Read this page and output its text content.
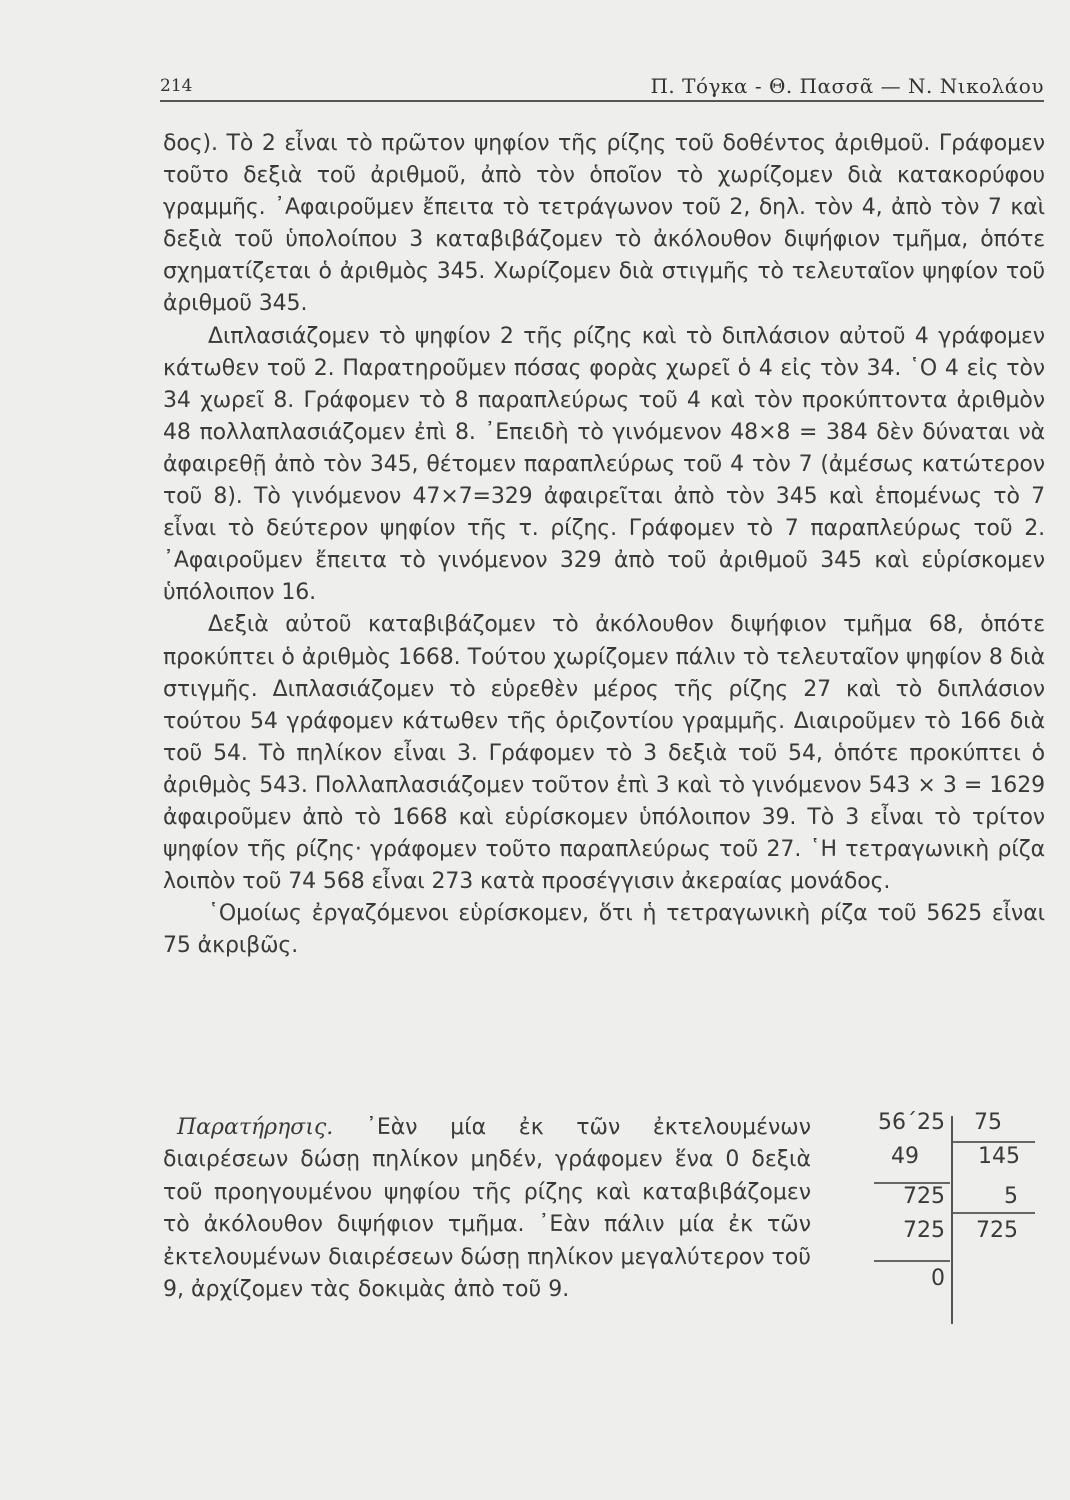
214	Π. Τόγκα - Θ. Πασσᾶ — Ν. Νικολάου

δος). Τὸ 2 εἶναι τὸ πρῶτον ψηφίον τῆς ρίζης τοῦ δοθέντος ἀριθμοῦ. Γράφομεν τοῦτο δεξιὰ τοῦ ἀριθμοῦ, ἀπὸ τὸν ὁποῖον τὸ χωρίζομεν διὰ κατακορύφου γραμμῆς. ᾿Αφαιροῦμεν ἔπειτα τὸ τετράγωνον τοῦ 2, δηλ. τὸν 4, ἀπὸ τὸν 7 καὶ δεξιὰ τοῦ ὑπολοίπου 3 καταβιβάζομεν τὸ ἀκόλουθον διψήφιον τμῆμα, ὁπότε σχηματίζεται ὁ ἀριθμὸς 345. Χωρίζομεν διὰ στιγμῆς τὸ τελευταῖον ψηφίον τοῦ ἀριθμοῦ 345.

Διπλασιάζομεν τὸ ψηφίον 2 τῆς ρίζης καὶ τὸ διπλάσιον αὐτοῦ 4 γράφομεν κάτωθεν τοῦ 2. Παρατηροῦμεν πόσας φορὰς χωρεῖ ὁ 4 εἰς τὸν 34. ῾Ο 4 εἰς τὸν 34 χωρεῖ 8. Γράφομεν τὸ 8 παραπλεύρως τοῦ 4 καὶ τὸν προκύπτοντα ἀριθμὸν 48 πολλαπλασιάζομεν ἐπὶ 8. ᾿Επειδὴ τὸ γινόμενον 48×8 = 384 δὲν δύναται νὰ ἀφαιρεθῇ ἀπὸ τὸν 345, θέτομεν παραπλεύρως τοῦ 4 τὸν 7 (ἀμέσως κατώτερον τοῦ 8). Τὸ γινόμενον 47×7=329 ἀφαιρεῖται ἀπὸ τὸν 345 καὶ ἑπομένως τὸ 7 εἶναι τὸ δεύτερον ψηφίον τῆς τ. ρίζης. Γράφομεν τὸ 7 παραπλεύρως τοῦ 2. ᾿Αφαιροῦμεν ἔπειτα τὸ γινόμενον 329 ἀπὸ τοῦ ἀριθμοῦ 345 καὶ εὑρίσκομεν ὑπόλοιπον 16.

Δεξιὰ αὐτοῦ καταβιβάζομεν τὸ ἀκόλουθον διψήφιον τμῆμα 68, ὁπότε προκύπτει ὁ ἀριθμὸς 1668. Τούτου χωρίζομεν πάλιν τὸ τελευταῖον ψηφίον 8 διὰ στιγμῆς. Διπλασιάζομεν τὸ εὑρεθὲν μέρος τῆς ρίζης 27 καὶ τὸ διπλάσιον τούτου 54 γράφομεν κάτωθεν τῆς ὁριζοντίου γραμμῆς. Διαιροῦμεν τὸ 166 διὰ τοῦ 54. Τὸ πηλίκον εἶναι 3. Γράφομεν τὸ 3 δεξιὰ τοῦ 54, ὁπότε προκύπτει ὁ ἀριθμὸς 543. Πολλαπλασιάζομεν τοῦτον ἐπὶ 3 καὶ τὸ γινόμενον 543 × 3 = 1629 ἀφαιροῦμεν ἀπὸ τὸ 1668 καὶ εὑρίσκομεν ὑπόλοιπον 39. Τὸ 3 εἶναι τὸ τρίτον ψηφίον τῆς ρίζης· γράφομεν τοῦτο παραπλεύρως τοῦ 27. ῾Η τετραγωνικὴ ρίζα λοιπὸν τοῦ 74 568 εἶναι 273 κατὰ προσέγγισιν ἀκεραίας μονάδος.

῾Ομοίως ἐργαζόμενοι εὑρίσκομεν, ὅτι ἡ τετραγωνικὴ ρίζα τοῦ 5625 εἶναι 75 ἀκριβῶς.

Παρατήρησις. ᾿Εὰν μία ἐκ τῶν ἐκτελουμένων διαιρέσεων δώσῃ πηλίκον μηδέν, γράφομεν ἕνα 0 δεξιὰ τοῦ προηγουμένου ψηφίου τῆς ρίζης καὶ καταβιβάζομεν τὸ ἀκόλουθον διψήφιον τμῆμα. ᾿Εὰν πάλιν μία ἐκ τῶν ἐκτελουμένων διαιρέσεων δώσῃ πηλίκον μεγαλύτερον τοῦ 9, ἀρχίζομεν τὰς δοκιμὰς ἀπὸ τοῦ 9.

56΄25
49
725
725
0
75
145
5
725
